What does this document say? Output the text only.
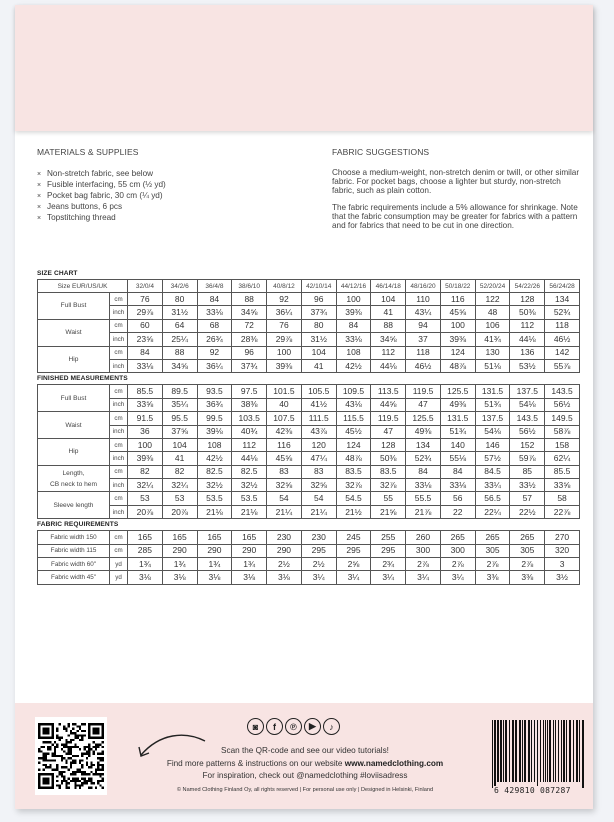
MATERIALS & SUPPLIES
× Non-stretch fabric, see below
× Fusible interfacing, 55 cm (½ yd)
× Pocket bag fabric, 30 cm (¼ yd)
× Jeans buttons, 6 pcs
× Topstitching thread
FABRIC SUGGESTIONS

Choose a medium-weight, non-stretch denim or twill, or other similar fabric. For pocket bags, choose a lighter but sturdy, non-stretch fabric, such as plain cotton.

The fabric requirements include a 5% allowance for shrinkage. Note that the fabric consumption may be greater for fabrics with a pattern and for fabrics that need to be cut in one direction.

SIZE CHART
Size EUR/US/UK		32/0/4	34/2/6	36/4/8	38/6/10	40/8/12	42/10/14	44/12/16	46/14/18	48/16/20	50/18/22	52/20/24	54/22/26	56/24/28
Full Bust	cm	76	80	84	88	92	96	100	104	110	116	122	128	134
	inch	29⅞	31½	33⅛	34⅝	36¼	37¾	39⅜	41	43¼	45⅝	48	50⅜	52¾
Waist	cm	60	64	68	72	76	80	84	88	94	100	106	112	118
	inch	23⅝	25¼	26¾	28⅜	29⅞	31½	33⅛	34⅝	37	39⅜	41¾	44⅛	46½
Hip	cm	84	88	92	96	100	104	108	112	118	124	130	136	142
	inch	33⅛	34⅝	36¼	37¾	39⅜	41	42½	44⅛	46½	48⅞	51⅛	53½	55⅞
FINISHED MEASUREMENTS
Full Bust	cm	85.5	89.5	93.5	97.5	101.5	105.5	109.5	113.5	119.5	125.5	131.5	137.5	143.5
	inch	33⅝	35¼	36¾	38⅜	40	41½	43⅛	44⅝	47	49⅜	51¾	54⅛	56½
Waist	cm	91.5	95.5	99.5	103.5	107.5	111.5	115.5	119.5	125.5	131.5	137.5	143.5	149.5
	inch	36	37⅝	39⅛	40¾	42⅜	43⅞	45½	47	49⅜	51¾	54⅛	56½	58⅞
Hip	cm	100	104	108	112	116	120	124	128	134	140	146	152	158
	inch	39⅜	41	42½	44⅛	45⅝	47¼	48⅞	50⅜	52¾	55⅛	57½	59⅞	62¼
Length,
CB neck to hem	cm	82	82	82.5	82.5	83	83	83.5	83.5	84	84	84.5	85	85.5
	inch	32¼	32¼	32½	32½	32⅝	32⅝	32⅞	32⅞	33⅛	33⅛	33¼	33½	33⅝
Sleeve length	cm	53	53	53.5	53.5	54	54	54.5	55	55.5	56	56.5	57	58
	inch	20⅞	20⅞	21⅛	21⅛	21¼	21¼	21½	21⅝	21⅞	22	22¼	22½	22⅞
FABRIC REQUIREMENTS
Fabric width 150	cm	165	165	165	165	230	230	245	255	260	265	265	265	270
Fabric width 115	cm	285	290	290	290	290	295	295	295	300	300	305	305	320
Fabric width 60"	yd	1¾	1¾	1¾	1¾	2½	2½	2⅝	2¾	2⅞	2⅞	2⅞	2⅞	3
Fabric width 45"	yd	3⅛	3⅛	3⅛	3⅛	3⅛	3¼	3¼	3¼	3¼	3¼	3⅜	3⅜	3½
◙	f	℗	▶	♪
Scan the QR-code and see our video tutorials!
Find more patterns & instructions on our website www.namedclothing.com
For inspiration, check out @namedclothing #loviisadress
© Named Clothing Finland Oy, all rights reserved | For personal use only | Designed in Helsinki, Finland	6 429810 087287
